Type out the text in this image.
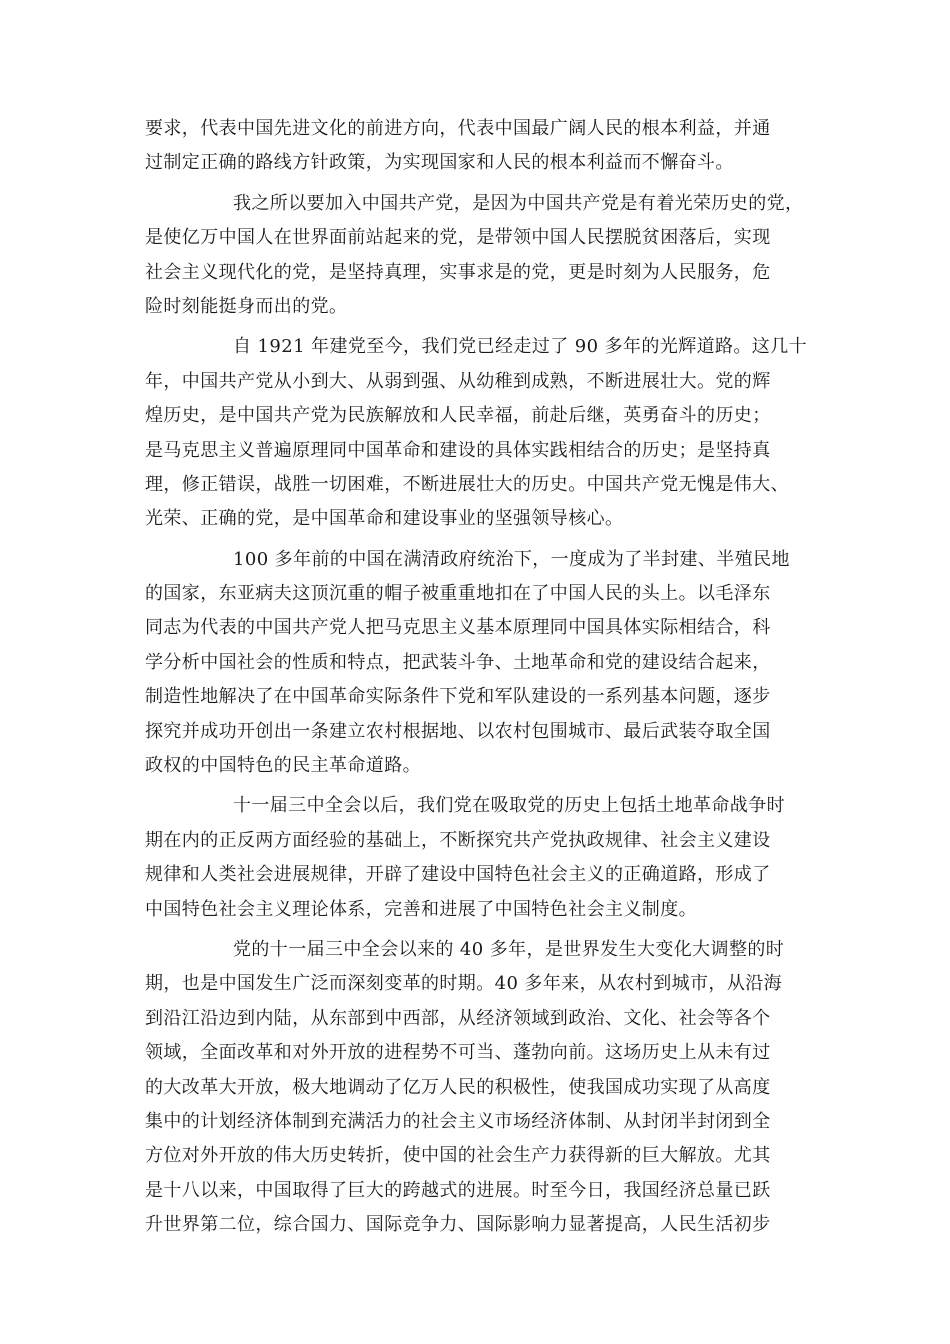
要求，代表中国先进文化的前进方向，代表中国最广阔人民的根本利益，并通
过制定正确的路线方针政策，为实现国家和人民的根本利益而不懈奋斗。
我之所以要加入中国共产党，是因为中国共产党是有着光荣历史的党，
是使亿万中国人在世界面前站起来的党，是带领中国人民摆脱贫困落后，实现
社会主义现代化的党，是坚持真理，实事求是的党，更是时刻为人民服务，危
险时刻能挺身而出的党。
自 1921 年建党至今，我们党已经走过了 90 多年的光辉道路。这几十
年，中国共产党从小到大、从弱到强、从幼稚到成熟，不断进展壮大。党的辉
煌历史，是中国共产党为民族解放和人民幸福，前赴后继，英勇奋斗的历史；
是马克思主义普遍原理同中国革命和建设的具体实践相结合的历史；是坚持真
理，修正错误，战胜一切困难，不断进展壮大的历史。中国共产党无愧是伟大、
光荣、正确的党，是中国革命和建设事业的坚强领导核心。
100 多年前的中国在满清政府统治下，一度成为了半封建、半殖民地
的国家，东亚病夫这顶沉重的帽子被重重地扣在了中国人民的头上。以毛泽东
同志为代表的中国共产党人把马克思主义基本原理同中国具体实际相结合，科
学分析中国社会的性质和特点，把武装斗争、土地革命和党的建设结合起来，
制造性地解决了在中国革命实际条件下党和军队建设的一系列基本问题，逐步
探究并成功开创出一条建立农村根据地、以农村包围城市、最后武装夺取全国
政权的中国特色的民主革命道路。
十一届三中全会以后，我们党在吸取党的历史上包括土地革命战争时
期在内的正反两方面经验的基础上，不断探究共产党执政规律、社会主义建设
规律和人类社会进展规律，开辟了建设中国特色社会主义的正确道路，形成了
中国特色社会主义理论体系，完善和进展了中国特色社会主义制度。
党的十一届三中全会以来的 40 多年，是世界发生大变化大调整的时
期，也是中国发生广泛而深刻变革的时期。40 多年来，从农村到城市，从沿海
到沿江沿边到内陆，从东部到中西部，从经济领域到政治、文化、社会等各个
领域，全面改革和对外开放的进程势不可当、蓬勃向前。这场历史上从未有过
的大改革大开放，极大地调动了亿万人民的积极性，使我国成功实现了从高度
集中的计划经济体制到充满活力的社会主义市场经济体制、从封闭半封闭到全
方位对外开放的伟大历史转折，使中国的社会生产力获得新的巨大解放。尤其
是十八以来，中国取得了巨大的跨越式的进展。时至今日，我国经济总量已跃
升世界第二位，综合国力、国际竞争力、国际影响力显著提高，人民生活初步
